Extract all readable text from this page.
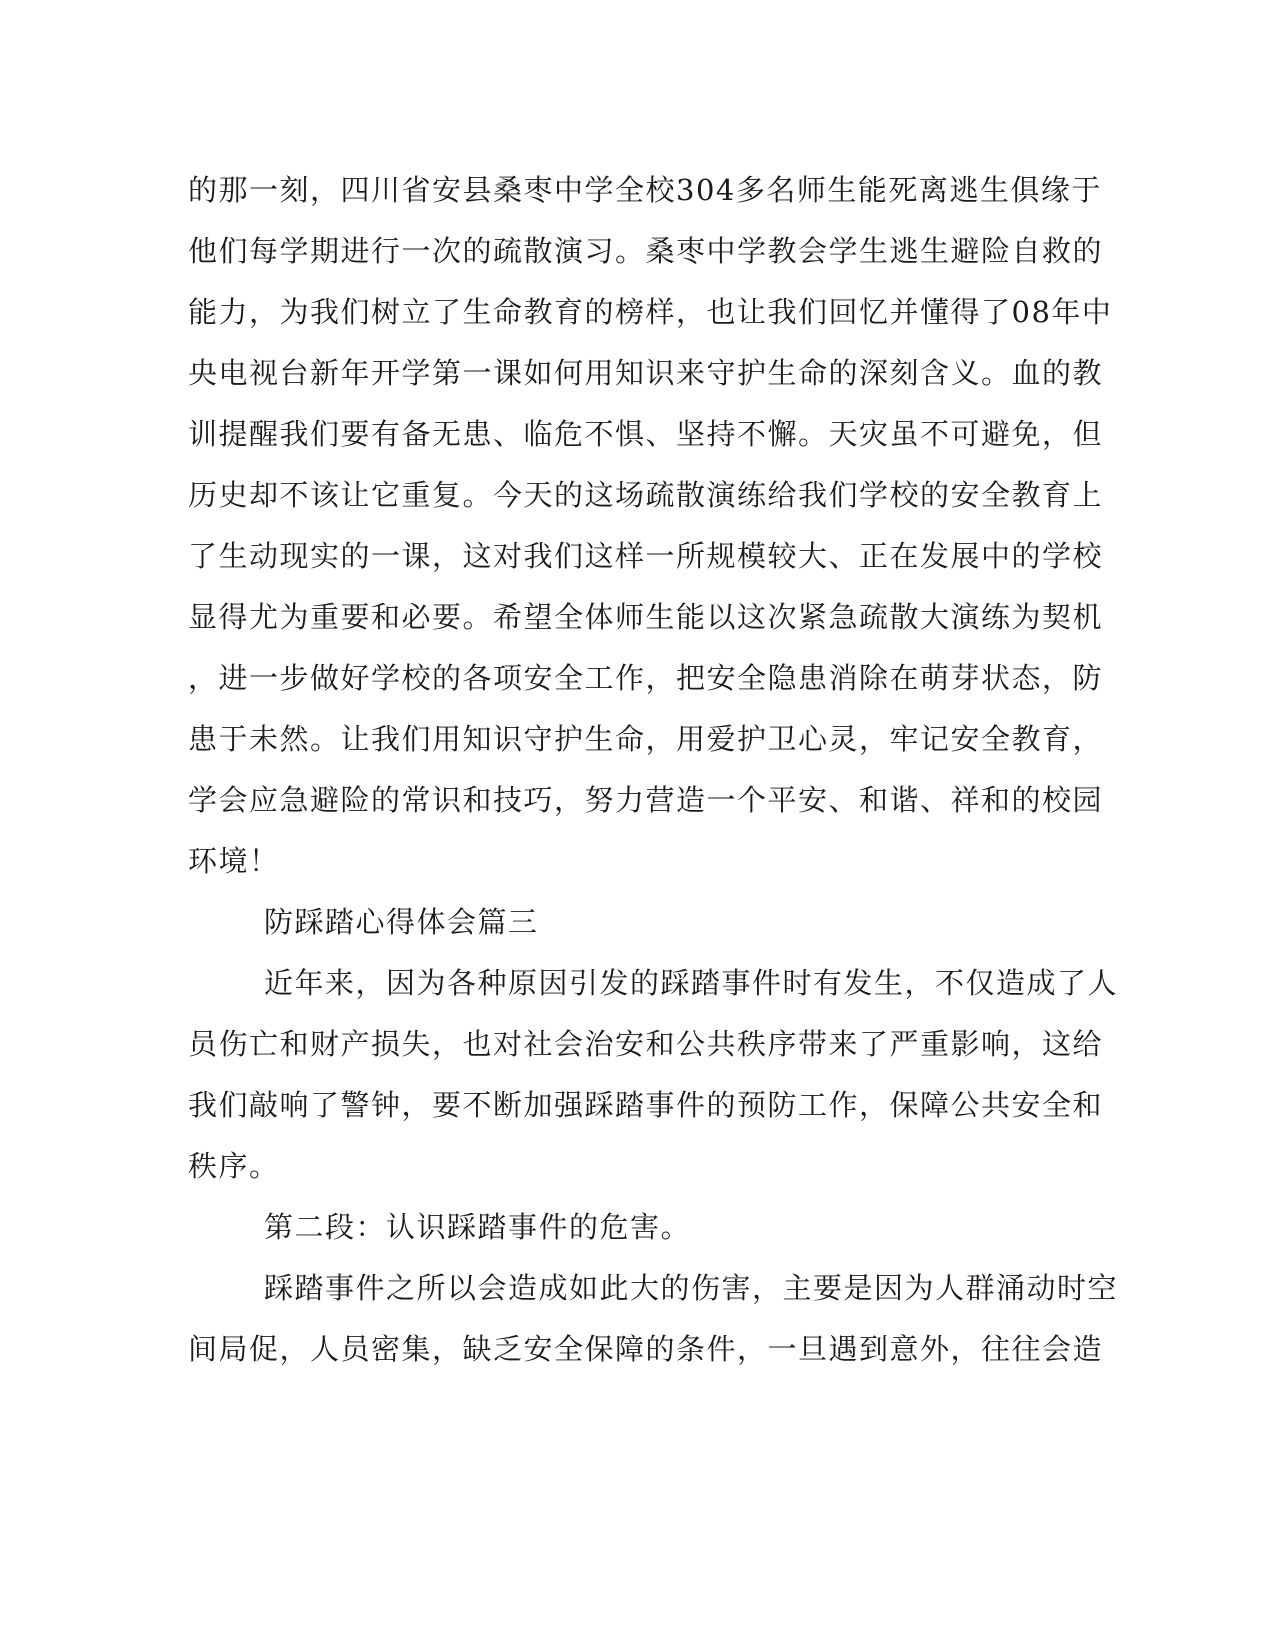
的那一刻，四川省安县桑枣中学全校304多名师生能死离逃生俱缘于
他们每学期进行一次的疏散演习。桑枣中学教会学生逃生避险自救的
能力，为我们树立了生命教育的榜样，也让我们回忆并懂得了08年中
央电视台新年开学第一课如何用知识来守护生命的深刻含义。血的教
训提醒我们要有备无患、临危不惧、坚持不懈。天灾虽不可避免，但
历史却不该让它重复。今天的这场疏散演练给我们学校的安全教育上
了生动现实的一课，这对我们这样一所规模较大、正在发展中的学校
显得尤为重要和必要。希望全体师生能以这次紧急疏散大演练为契机
，进一步做好学校的各项安全工作，把安全隐患消除在萌芽状态，防
患于未然。让我们用知识守护生命，用爱护卫心灵，牢记安全教育，
学会应急避险的常识和技巧，努力营造一个平安、和谐、祥和的校园
环境！
防踩踏心得体会篇三
近年来，因为各种原因引发的踩踏事件时有发生，不仅造成了人
员伤亡和财产损失，也对社会治安和公共秩序带来了严重影响，这给
我们敲响了警钟，要不断加强踩踏事件的预防工作，保障公共安全和
秩序。
第二段：认识踩踏事件的危害。
踩踏事件之所以会造成如此大的伤害，主要是因为人群涌动时空
间局促，人员密集，缺乏安全保障的条件，一旦遇到意外，往往会造
